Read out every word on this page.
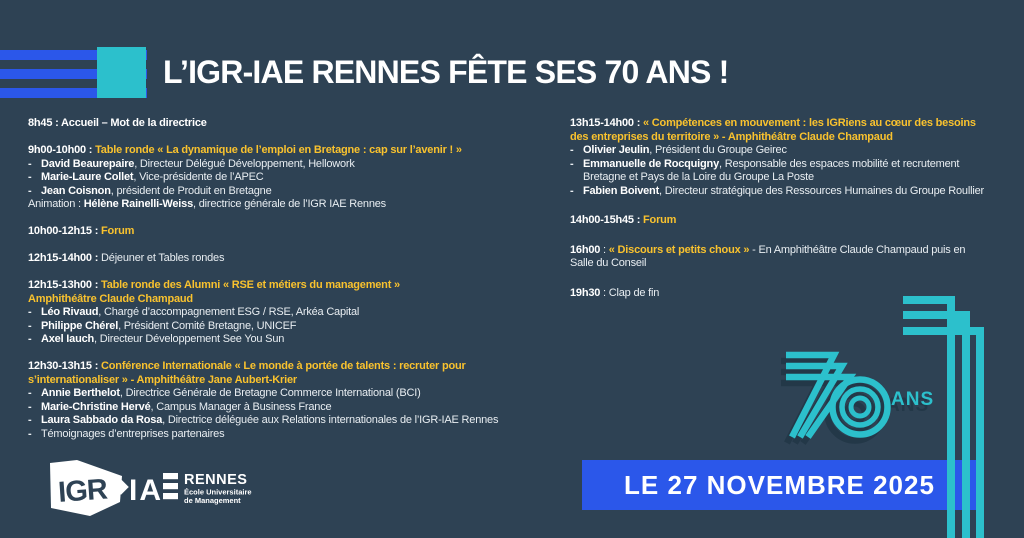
L’IGR-IAE RENNES FÊTE SES 70 ANS !
8h45 : Accueil – Mot de la directrice
9h00-10h00 : Table ronde « La dynamique de l’emploi en Bretagne : cap sur l’avenir ! »
- David Beaurepaire, Directeur Délégué Développement, Hellowork
- Marie-Laure Collet, Vice-présidente de l’APEC
- Jean Coisnon, président de Produit en Bretagne
Animation : Hélène Rainelli-Weiss, directrice générale de l’IGR IAE Rennes
10h00-12h15 : Forum
12h15-14h00 : Déjeuner et Tables rondes
12h15-13h00 : Table ronde des Alumni « RSE et métiers du management »
Amphithéâtre Claude Champaud
- Léo Rivaud, Chargé d’accompagnement ESG / RSE, Arkéa Capital
- Philippe Chérel, Président Comité Bretagne, UNICEF
- Axel Iauch, Directeur Développement See You Sun
12h30-13h15 : Conférence Internationale « Le monde à portée de talents : recruter pour
s’internationaliser » - Amphithéâtre Jane Aubert-Krier
- Annie Berthelot, Directrice Générale de Bretagne Commerce International (BCI)
- Marie-Christine Hervé, Campus Manager à Business France
- Laura Sabbado da Rosa, Directrice déléguée aux Relations internationales de l’IGR-IAE Rennes
- Témoignages d’entreprises partenaires
13h15-14h00 : « Compétences en mouvement : les IGRiens au cœur des besoins
des entreprises du territoire » - Amphithéâtre Claude Champaud
- Olivier Jeulin, Président du Groupe Geirec
- Emmanuelle de Rocquigny, Responsable des espaces mobilité et recrutement
Bretagne et Pays de la Loire du Groupe La Poste
- Fabien Boivent, Directeur stratégique des Ressources Humaines du Groupe Roullier
14h00-15h45 : Forum
16h00 : « Discours et petits choux » - En Amphithéâtre Claude Champaud puis en
Salle du Conseil
19h30 : Clap de fin
LE 27 NOVEMBRE 2025
IGR IA RENNES
École Universitaire
de Management
